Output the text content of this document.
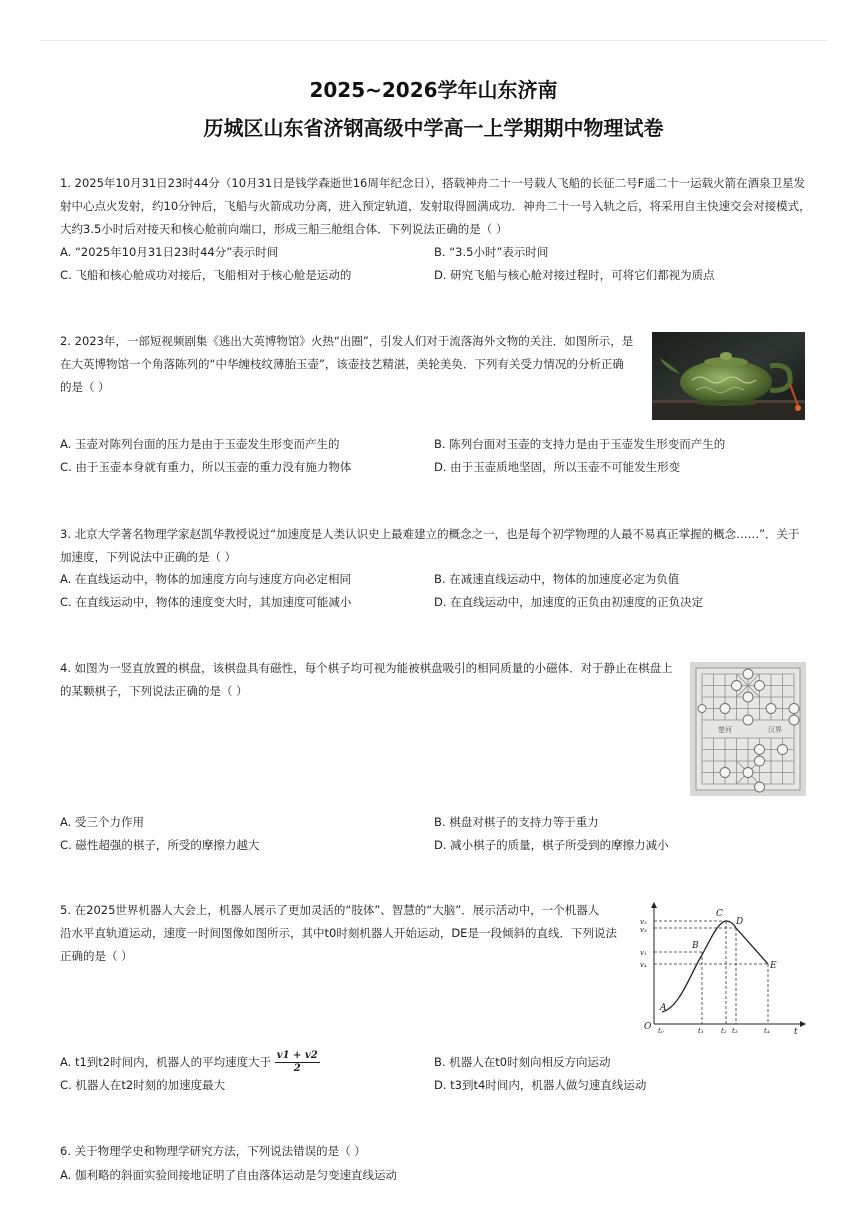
2025~2026学年山东济南
历城区山东省济钢高级中学高一上学期期中物理试卷
1. 2025年10月31日23时44分（10月31日是钱学森逝世16周年纪念日），搭载神舟二十一号载人飞船的长征二号F遥二十一运载火箭在酒泉卫星发
射中心点火发射，约10分钟后，飞船与火箭成功分离，进入预定轨道，发射取得圆满成功．神舟二十一号入轨之后，将采用自主快速交会对接模式，
大约3.5小时后对接天和核心舱前向端口，形成三船三舱组合体．下列说法正确的是（ ）
A. “2025年10月31日23时44分”表示时间	B. “3.5小时”表示时间
C. 飞船和核心舱成功对接后，飞船相对于核心舱是运动的	D. 研究飞船与核心舱对接过程时，可将它们都视为质点
2. 2023年，一部短视频剧集《逃出大英博物馆》火热“出圈”，引发人们对于流落海外文物的关注．如图所示，是
在大英博物馆一个角落陈列的“中华缠枝纹薄胎玉壶”，该壶技艺精湛，美轮美奂．下列有关受力情况的分析正确
的是（ ）
A. 玉壶对陈列台面的压力是由于玉壶发生形变而产生的	B. 陈列台面对玉壶的支持力是由于玉壶发生形变而产生的
C. 由于玉壶本身就有重力，所以玉壶的重力没有施力物体	D. 由于玉壶质地坚固，所以玉壶不可能发生形变
3. 北京大学著名物理学家赵凯华教授说过“加速度是人类认识史上最难建立的概念之一，也是每个初学物理的人最不易真正掌握的概念……”．关于
加速度，下列说法中正确的是（ ）
A. 在直线运动中，物体的加速度方向与速度方向必定相同	B. 在减速直线运动中，物体的加速度必定为负值
C. 在直线运动中，物体的速度变大时，其加速度可能减小	D. 在直线运动中，加速度的正负由初速度的正负决定
4. 如图为一竖直放置的棋盘，该棋盘具有磁性，每个棋子均可视为能被棋盘吸引的相同质量的小磁体．对于静止在棋盘上
的某颗棋子，下列说法正确的是（ ）
楚河	汉界
A. 受三个力作用	B. 棋盘对棋子的支持力等于重力
C. 磁性超强的棋子，所受的摩擦力越大	D. 减小棋子的质量，棋子所受到的摩擦力减小
5. 在2025世界机器人大会上，机器人展示了更加灵活的“肢体”、智慧的“大脑”．展示活动中，一个机器人
沿水平直轨道运动，速度一时间图像如图所示，其中t0时刻机器人开始运动，DE是一段倾斜的直线．下列说法
正确的是（ ）
O	t
A
B
C
D
E
v₂
v₃
v₁
v₄
t₀	t₁ t₂ t₃	t₄
A. t1到t2时间内，机器人的平均速度大于 $\frac{v1 + v2}{2}$	B. 机器人在t0时刻向相反方向运动
C. 机器人在t2时刻的加速度最大	D. t3到t4时间内，机器人做匀速直线运动
6. 关于物理学史和物理学研究方法，下列说法错误的是（ ）
A. 伽利略的斜面实验间接地证明了自由落体运动是匀变速直线运动
